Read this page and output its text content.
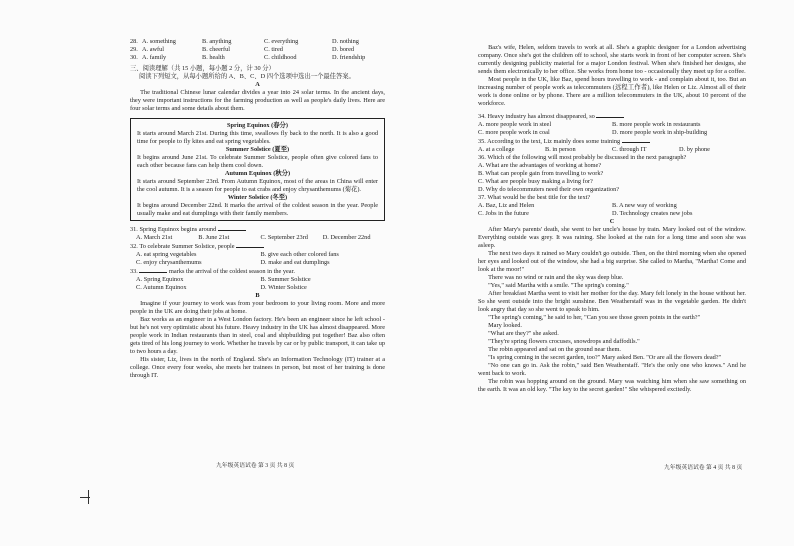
28. A. something	B. anything	C. everything	D. nothing
29. A. awful	B. cheerful	C. tired	D. bored
30. A. family	B. health	C. childhood	D. friendship
三、阅读理解（共 15 小题，每小题 2 分，计 30 分）
阅读下列短文，从每小题所给的 A、B、C、D 四个选项中选出一个最佳答案。
A
The traditional Chinese lunar calendar divides a year into 24 solar terms. In the ancient days, they were important instructions for the farming production as well as people's daily lives. Here are four solar terms and some details about them.
Spring Equinox (春分)
It starts around March 21st. During this time, swallows fly back to the north. It is also a good time for people to fly kites and eat spring vegetables.
Summer Solstice (夏至)
It begins around June 21st. To celebrate Summer Solstice, people often give colored fans to each other because fans can help them cool down.
Autumn Equinox (秋分)
It starts around September 23rd. From Autumn Equinox, most of the areas in China will enter the cool autumn. It is a season for people to eat crabs and enjoy chrysanthemums (菊花).
Winter Solstice (冬至)
It begins around December 22nd. It marks the arrival of the coldest season in the year. People usually make and eat dumplings with their family members.
31. Spring Equinox begins around
A. March 21st	B. June 21st	C. September 23rd	D. December 22nd
32. To celebrate Summer Solstice, people
A. eat spring vegetables	B. give each other colored fans
C. enjoy chrysanthemums	D. make and eat dumplings
33.	marks the arrival of the coldest season in the year.
A. Spring Equinox	B. Summer Solstice
C. Autumn Equinox	D. Winter Solstice
B
Imagine if your journey to work was from your bedroom to your living room. More and more people in the UK are doing their jobs at home.
Baz works as an engineer in a West London factory. He's been an engineer since he left school - but he's not very optimistic about his future. Heavy industry in the UK has almost disappeared. More people work in Indian restaurants than in steel, coal and shipbuilding put together! Baz also often gets tired of his long journey to work. Whether he travels by car or by public transport, it can take up to two hours a day.
His sister, Liz, lives in the north of England. She's an Information Technology (IT) trainer at a college. Once every four weeks, she meets her trainees in person, but most of her training is done through IT.
九年级英语试卷 第 3 页 共 8 页
Baz's wife, Helen, seldom travels to work at all. She's a graphic designer for a London advertising company. Once she's got the children off to school, she starts work in front of her computer screen. She's currently designing publicity material for a major London festival. When she's finished her designs, she sends them electronically to her office. She works from home too - occasionally they meet up for a coffee.
Most people in the UK, like Baz, spend hours travelling to work - and complain about it, too. But an increasing number of people work as telecommuters (远程工作者), like Helen or Liz. Almost all of their work is done online or by phone. There are a million telecommuters in the UK, about 10 percent of the workforce.
34. Heavy industry has almost disappeared, so
A. more people work in steel	B. more people work in restaurants
C. more people work in coal	D. more people work in ship-building
35. According to the text, Liz mainly does some training
A. at a college	B. in person	C. through IT	D. by phone
36. Which of the following will most probably be discussed in the next paragraph?
A. What are the advantages of working at home?
B. What can people gain from travelling to work?
C. What are people busy making a living for?
D. Why do telecommuters need their own organization?
37. What would be the best title for the text?
A. Baz, Liz and Helen	B. A new way of working
C. Jobs in the future	D. Technology creates new jobs
C
After Mary's parents' death, she went to her uncle's house by train. Mary looked out of the window. Everything outside was grey. It was raining. She looked at the rain for a long time and soon she was asleep.
The next two days it rained so Mary couldn't go outside. Then, on the third morning when she opened her eyes and looked out of the window, she had a big surprise. She called to Martha, "Martha! Come and look at the moor!"
There was no wind or rain and the sky was deep blue.
"Yes," said Martha with a smile. "The spring's coming."
After breakfast Martha went to visit her mother for the day. Mary felt lonely in the house without her. So she went outside into the bright sunshine. Ben Weatherstaff was in the vegetable garden. He didn't look angry that day so she went to speak to him.
"The spring's coming," he said to her, "Can you see those green points in the earth?"
Mary looked.
"What are they?" she asked.
"They're spring flowers crocuses, snowdrops and daffodils."
The robin appeared and sat on the ground near them.
"Is spring coming in the secret garden, too?" Mary asked Ben. "Or are all the flowers dead?"
"No one can go in. Ask the robin," said Ben Weatherstaff. "He's the only one who knows." And he went back to work.
The robin was hopping around on the ground. Mary was watching him when she saw something on the earth. It was an old key. "The key to the secret garden!" She whispered excitedly.
九年级英语试卷 第 4 页 共 8 页
